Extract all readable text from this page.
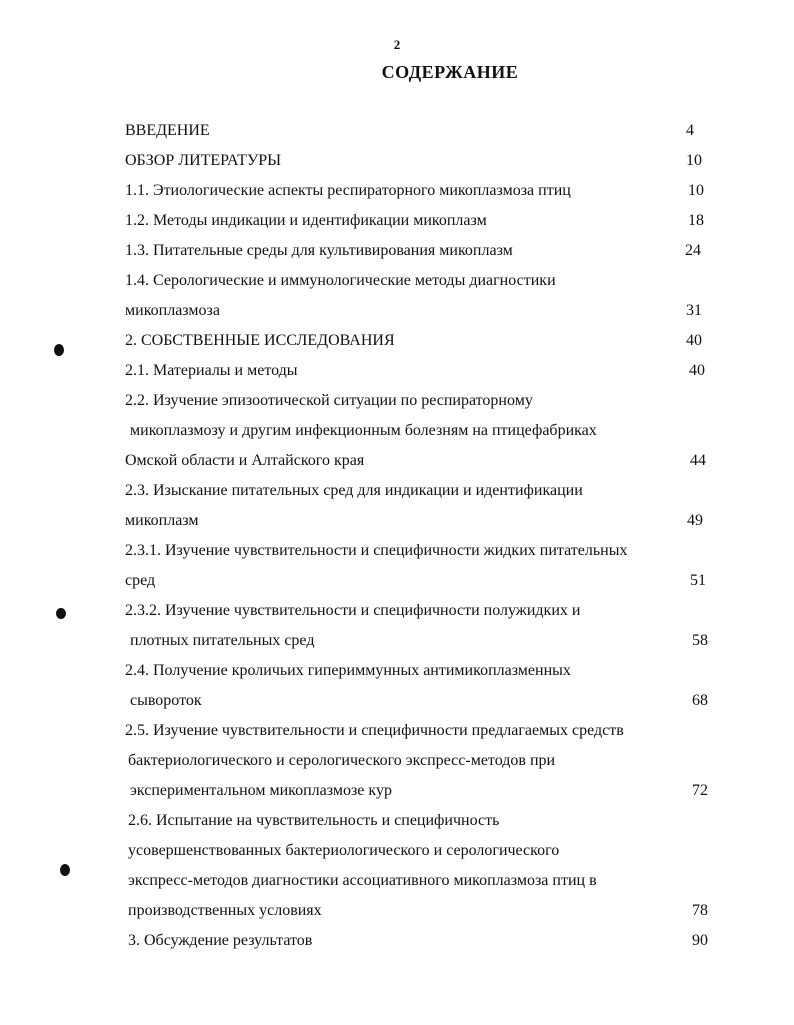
2
СОДЕРЖАНИЕ
ВВЕДЕНИЕ	4
ОБЗОР ЛИТЕРАТУРЫ	10
1.1. Этиологические аспекты респираторного микоплазмоза птиц	10
1.2. Методы индикации и идентификации микоплазм	18
1.3. Питательные среды для культивирования микоплазм	24
1.4. Серологические и иммунологические методы диагностики
микоплазмоза	31
2. СОБСТВЕННЫЕ ИССЛЕДОВАНИЯ	40
2.1. Материалы и методы	40
2.2. Изучение эпизоотической ситуации по респираторному
микоплазмозу и другим инфекционным болезням на птицефабриках
Омской области и Алтайского края	44
2.3. Изыскание питательных сред для индикации и идентификации
микоплазм	49
2.3.1. Изучение чувствительности и специфичности жидких питательных
сред	51
2.3.2. Изучение чувствительности и специфичности полужидких и
плотных питательных сред	58
2.4. Получение кроличьих гипериммунных антимикоплазменных
сывороток	68
2.5. Изучение чувствительности и специфичности предлагаемых средств
бактериологического и серологического экспресс-методов при
экспериментальном микоплазмозе кур	72
2.6. Испытание на чувствительность и специфичность
усовершенствованных бактериологического и серологического
экспресс-методов диагностики ассоциативного микоплазмоза птиц в
производственных условиях	78
3. Обсуждение результатов	90
